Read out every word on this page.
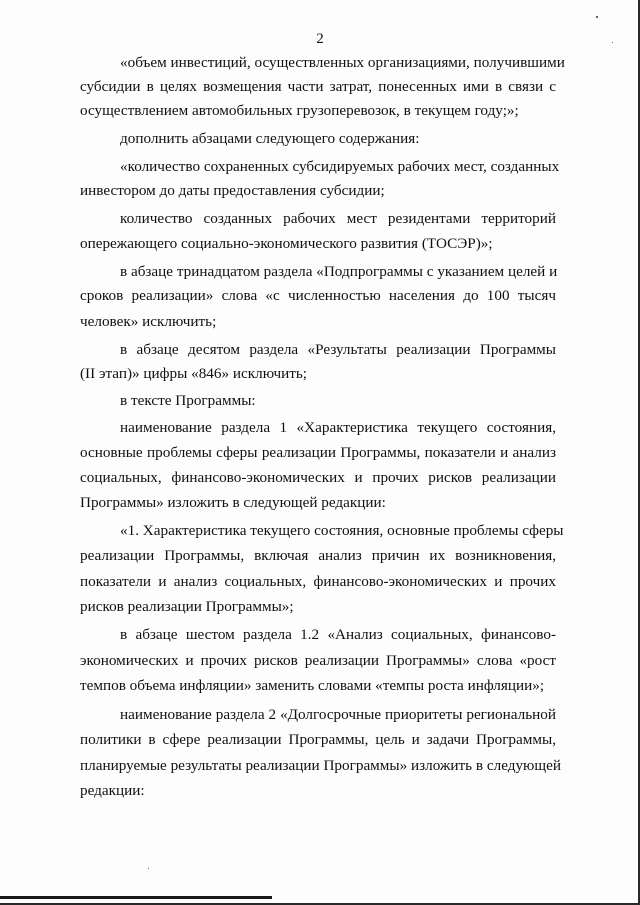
2
«объем инвестиций, осуществленных организациями, получившими
субсидии в целях возмещения части затрат, понесенных ими в связи с
осуществлением автомобильных грузоперевозок, в текущем году;»;
дополнить абзацами следующего содержания:
«количество сохраненных субсидируемых рабочих мест, созданных
инвестором до даты предоставления субсидии;
количество созданных рабочих мест резидентами территорий
опережающего социально-экономического развития (ТОСЭР)»;
в абзаце тринадцатом раздела «Подпрограммы с указанием целей и
сроков реализации» слова «с численностью населения до 100 тысяч
человек» исключить;
в абзаце десятом раздела «Результаты реализации Программы
(II этап)» цифры «846» исключить;
в тексте Программы:
наименование раздела 1 «Характеристика текущего состояния,
основные проблемы сферы реализации Программы, показатели и анализ
социальных, финансово-экономических и прочих рисков реализации
Программы» изложить в следующей редакции:
«1. Характеристика текущего состояния, основные проблемы сферы
реализации Программы, включая анализ причин их возникновения,
показатели и анализ социальных, финансово-экономических и прочих
рисков реализации Программы»;
в абзаце шестом раздела 1.2 «Анализ социальных, финансово-
экономических и прочих рисков реализации Программы» слова «рост
темпов объема инфляции» заменить словами «темпы роста инфляции»;
наименование раздела 2 «Долгосрочные приоритеты региональной
политики в сфере реализации Программы, цель и задачи Программы,
планируемые результаты реализации Программы» изложить в следующей
редакции:
